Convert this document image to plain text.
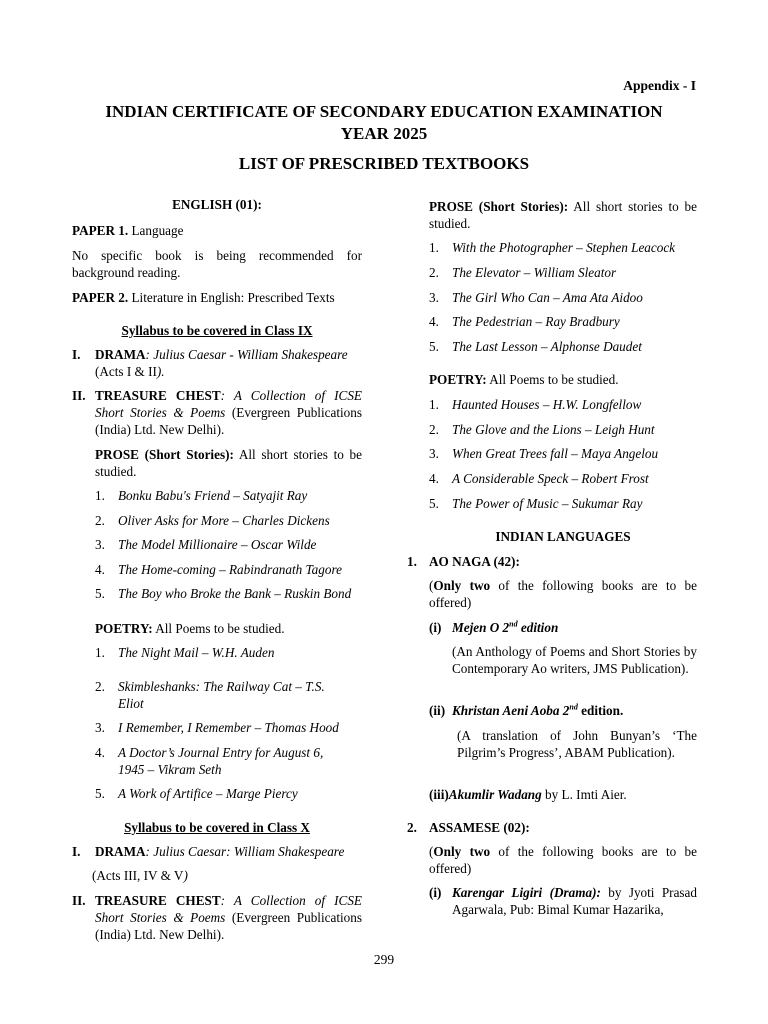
Appendix - I
INDIAN CERTIFICATE OF SECONDARY EDUCATION EXAMINATION
YEAR 2025
LIST OF PRESCRIBED TEXTBOOKS
ENGLISH (01):
PAPER 1. Language
No specific book is being recommended for background reading.
PAPER 2. Literature in English: Prescribed Texts
Syllabus to be covered in Class IX
I. DRAMA: Julius Caesar - William Shakespeare
(Acts I & II).
II. TREASURE CHEST: A Collection of ICSE Short Stories & Poems (Evergreen Publications (India) Ltd. New Delhi).
PROSE (Short Stories): All short stories to be studied.
1. Bonku Babu's Friend – Satyajit Ray
2. Oliver Asks for More – Charles Dickens
3. The Model Millionaire – Oscar Wilde
4. The Home-coming – Rabindranath Tagore
5. The Boy who Broke the Bank – Ruskin Bond
POETRY: All Poems to be studied.
1. The Night Mail – W.H. Auden
2. Skimbleshanks: The Railway Cat – T.S. Eliot
3. I Remember, I Remember – Thomas Hood
4. A Doctor’s Journal Entry for August 6, 1945 – Vikram Seth
5. A Work of Artifice – Marge Piercy
Syllabus to be covered in Class X
I. DRAMA: Julius Caesar: William Shakespeare
(Acts III, IV & V)
II. TREASURE CHEST: A Collection of ICSE Short Stories & Poems (Evergreen Publications (India) Ltd. New Delhi).
PROSE (Short Stories): All short stories to be studied.
1. With the Photographer – Stephen Leacock
2. The Elevator – William Sleator
3. The Girl Who Can – Ama Ata Aidoo
4. The Pedestrian – Ray Bradbury
5. The Last Lesson – Alphonse Daudet
POETRY: All Poems to be studied.
1. Haunted Houses – H.W. Longfellow
2. The Glove and the Lions – Leigh Hunt
3. When Great Trees fall – Maya Angelou
4. A Considerable Speck – Robert Frost
5. The Power of Music – Sukumar Ray
INDIAN LANGUAGES
1. AO NAGA (42):
(Only two of the following books are to be offered)
(i) Mejen O 2nd edition
(An Anthology of Poems and Short Stories by Contemporary Ao writers, JMS Publication).
(ii) Khristan Aeni Aoba 2nd edition.
(A translation of John Bunyan’s ‘The Pilgrim’s Progress’, ABAM Publication).
(iii)Akumlir Wadang by L. Imti Aier.
2. ASSAMESE (02):
(Only two of the following books are to be offered)
(i) Karengar Ligiri (Drama): by Jyoti Prasad Agarwala, Pub: Bimal Kumar Hazarika,
299
